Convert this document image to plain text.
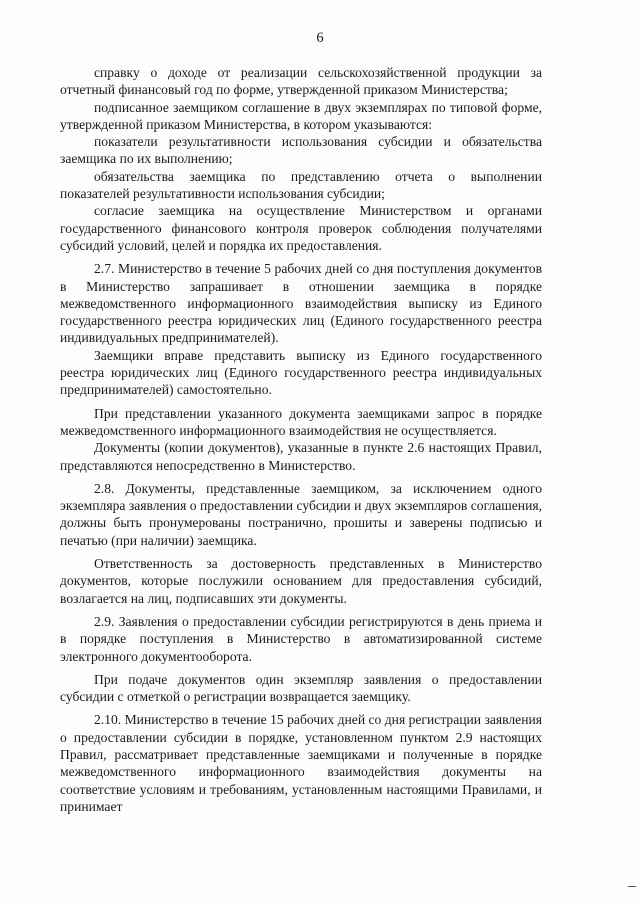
6

справку о доходе от реализации сельскохозяйственной продукции за отчетный финансовый год по форме, утвержденной приказом Министерства;

подписанное заемщиком соглашение в двух экземплярах по типовой форме, утвержденной приказом Министерства, в котором указываются:

показатели результативности использования субсидии и обязательства заемщика по их выполнению;

обязательства заемщика по представлению отчета о выполнении показателей результативности использования субсидии;

согласие заемщика на осуществление Министерством и органами государственного финансового контроля проверок соблюдения получателями субсидий условий, целей и порядка их предоставления.

2.7. Министерство в течение 5 рабочих дней со дня поступления документов в Министерство запрашивает в отношении заемщика в порядке межведомственного информационного взаимодействия выписку из Единого государственного реестра юридических лиц (Единого государственного реестра индивидуальных предпринимателей).

Заемщики вправе представить выписку из Единого государственного реестра юридических лиц (Единого государственного реестра индивидуальных предпринимателей) самостоятельно.

При представлении указанного документа заемщиками запрос в порядке межведомственного информационного взаимодействия не осуществляется.

Документы (копии документов), указанные в пункте 2.6 настоящих Правил, представляются непосредственно в Министерство.

2.8. Документы, представленные заемщиком, за исключением одного экземпляра заявления о предоставлении субсидии и двух экземпляров соглашения, должны быть пронумерованы постранично, прошиты и заверены подписью и печатью (при наличии) заемщика.

Ответственность за достоверность представленных в Министерство документов, которые послужили основанием для предоставления субсидий, возлагается на лиц, подписавших эти документы.

2.9. Заявления о предоставлении субсидии регистрируются в день приема и в порядке поступления в Министерство в автоматизированной системе электронного документооборота.

При подаче документов один экземпляр заявления о предоставлении субсидии с отметкой о регистрации возвращается заемщику.

2.10. Министерство в течение 15 рабочих дней со дня регистрации заявления о предоставлении субсидии в порядке, установленном пунктом 2.9 настоящих Правил, рассматривает представленные заемщиками и полученные в порядке межведомственного информационного взаимодействия документы на соответствие условиям и требованиям, установленным настоящими Правилами, и принимает
